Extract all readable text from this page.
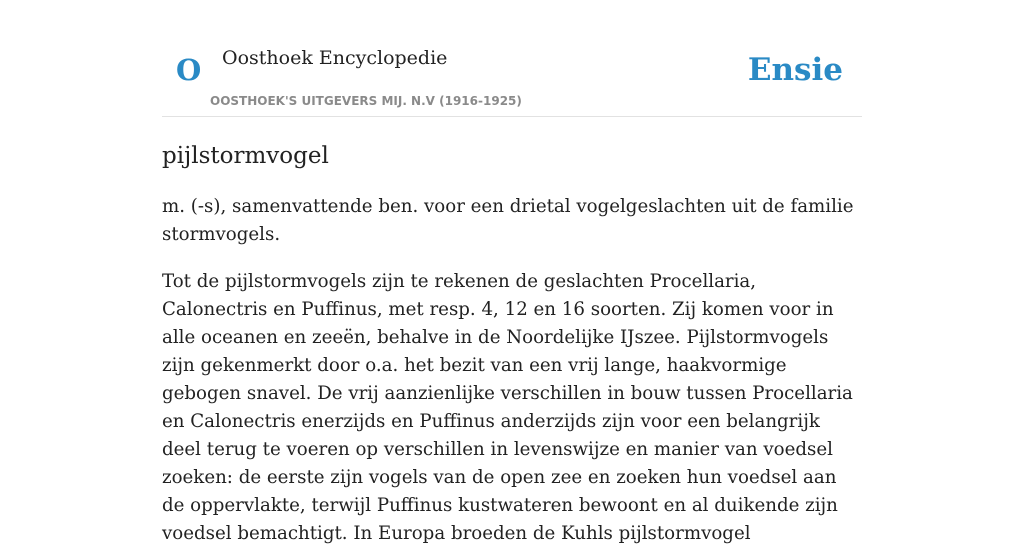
O Oosthoek Encyclopedie
OOSTHOEK'S UITGEVERS MIJ. N.V (1916-1925)
Ensie
pijlstormvogel

m. (-s), samenvattende ben. voor een drietal vogelgeslachten uit de familie stormvogels.

Tot de pijlstormvogels zijn te rekenen de geslachten Procellaria, Calonectris en Puffinus, met resp. 4, 12 en 16 soorten. Zij komen voor in alle oceanen en zeeën, behalve in de Noordelijke IJszee. Pijlstormvogels zijn gekenmerkt door o.a. het bezit van een vrij lange, haakvormige gebogen snavel. De vrij aanzienlijke verschillen in bouw tussen Procellaria en Calonectris enerzijds en Puffinus anderzijds zijn voor een belangrijk deel terug te voeren op verschillen in levenswijze en manier van voedsel zoeken: de eerste zijn vogels van de open zee en zoeken hun voedsel aan de oppervlakte, terwijl Puffinus kustwateren bewoont en al duikende zijn voedsel bemachtigt. In Europa broeden de Kuhls pijlstormvogel
